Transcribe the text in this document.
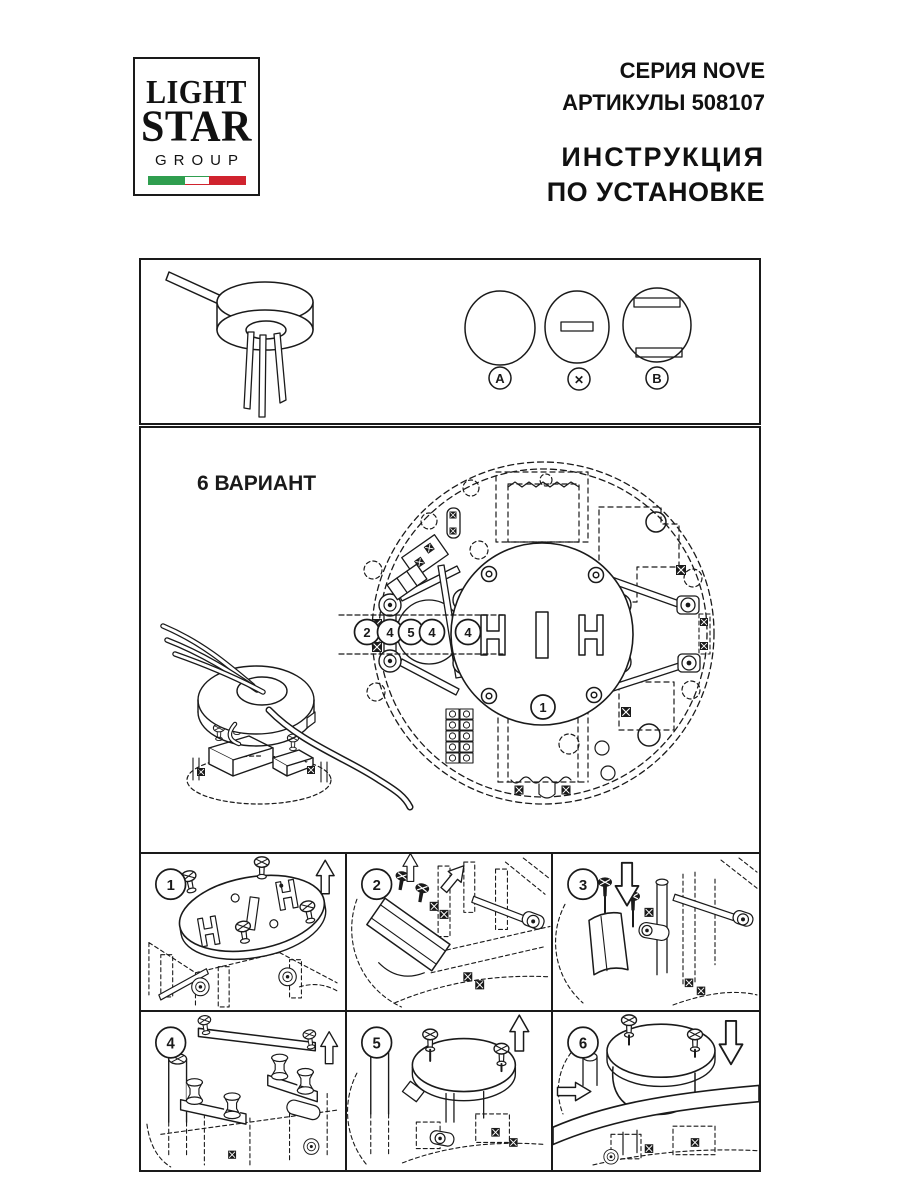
LIGHT
STAR
GROUP
СЕРИЯ NOVE
АРТИКУЛЫ 508107
ИНСТРУКЦИЯ
ПО УСТАНОВКЕ
A	✕	B
6 ВАРИАНТ
1
2 4 5 4 4
1	2	3
4	5	6
